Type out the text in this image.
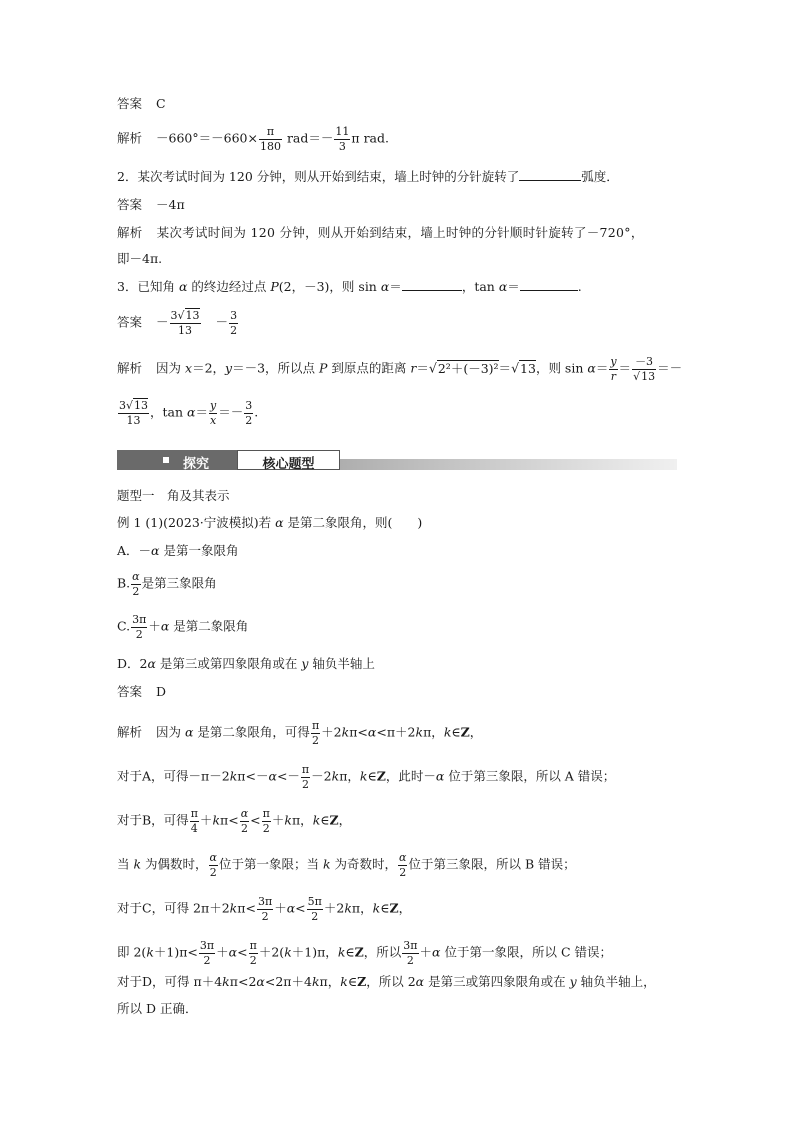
答案 C
解析 $-660^\circ=-660\times \frac{\pi}{180} rad=- \frac{11}{3}$ π rad.
2．某次考试时间为 120 分钟，则从开始到结束，墙上时钟的分针旋转了	弧度．
答案 －4π
解析 某次考试时间为 120 分钟，则从开始到结束，墙上时钟的分针顺时针旋转了－720°，
即－4π.
3．已知角 α 的终边经过点 P(2，－3)，则 sin α＝	，tan α＝	.
答案 － $\frac{3√13}{13} - \frac{3}{2}$
解析 因为 x＝2，y＝－3，所以点 P 到原点的距离 r＝√2²＋(－3)²＝√13，则 $\sin \alpha= \frac{y}{r} = \frac{-3}{√13}$ ＝－
$\frac{3√13}{13}$ ，$\tan \alpha= \frac{y}{x} =- \frac{3}{2}$ .
探究	核心题型
题型一　角及其表示
例 1 (1)(2023·宁波模拟)若 α 是第二象限角，则(　　)
A．－α 是第一象限角
B. $\frac{\alpha}{2}$ 是第三象限角
C. $\frac{3\pi}{2} +\alpha$ 是第二象限角
D．2α 是第三或第四象限角或在 y 轴负半轴上
答案 D
解析 因为 α 是第二象限角，可得 $\frac{\pi}{2} +2k\pi<\alpha<\pi+2k\pi$，k∈Z，
对于A，可得$-\pi-2k\pi<-\alpha<- \frac{\pi}{2} -2k\pi$，k∈Z，此时－α 位于第三象限，所以 A 错误；
对于B，可得 $\frac{\pi}{4} +k\pi< \frac{\alpha}{2} < \frac{\pi}{2} +k\pi$，k∈Z，
当 k 为偶数时， $\frac{\alpha}{2}$ 位于第一象限；当 k 为奇数时， $\frac{\alpha}{2}$ 位于第三象限，所以 B 错误；
对于C，可得 $2\pi+2k\pi< \frac{3\pi}{2} +\alpha< \frac{5\pi}{2} +2k\pi$，k∈Z，
即 $2(k+1)\pi< \frac{3\pi}{2} +\alpha< \frac{\pi}{2} +2(k+1)\pi$，k∈Z，所以 $\frac{3\pi}{2} +\alpha$ 位于第一象限，所以 C 错误；
对于D，可得 π＋4kπ<2α<2π＋4kπ，k∈Z，所以 2α 是第三或第四象限角或在 y 轴负半轴上，
所以 D 正确．
